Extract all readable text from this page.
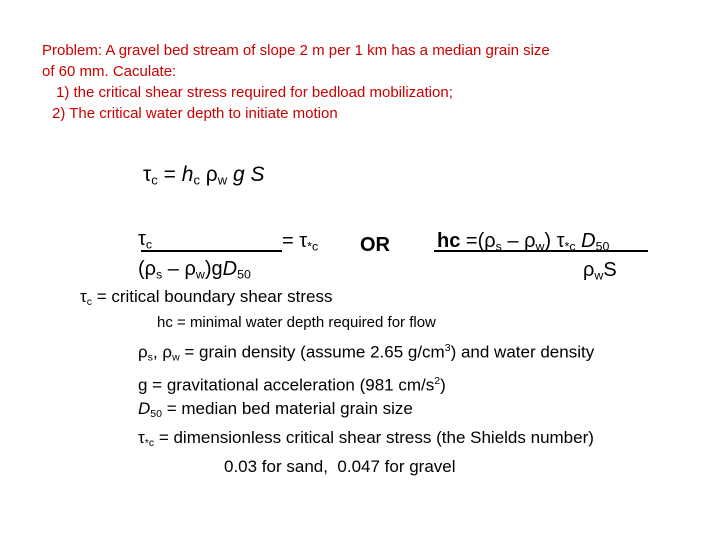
Problem: A gravel bed stream of slope 2 m per 1 km has a median grain size
of 60 mm. Caculate:
1) the critical shear stress required for bedload mobilization;
2) The critical water depth to initiate motion
$\tau_c = h_c$ $\rho_w$ g S
$\tau_c$	= $\tau_{*c}$
$(\rho_s - \rho_w)gD_{50}$
OR hc $=(\rho_s - \rho_w)$ $\tau_{*c}$ $D_{50}$
$\rho_wS$
$\tau_c$ = critical boundary shear stress
hc = minimal water depth required for flow
$\rho_s$, $\rho_w$ = grain density (assume 2.65 $g/cm^3$) and water density
g = gravitational acceleration (981 $cm/s^2$)
$D_{50}$ = median bed material grain size
$\tau_{*c}$ = dimensionless critical shear stress (the Shields number)
0.03 for sand,  0.047 for gravel
